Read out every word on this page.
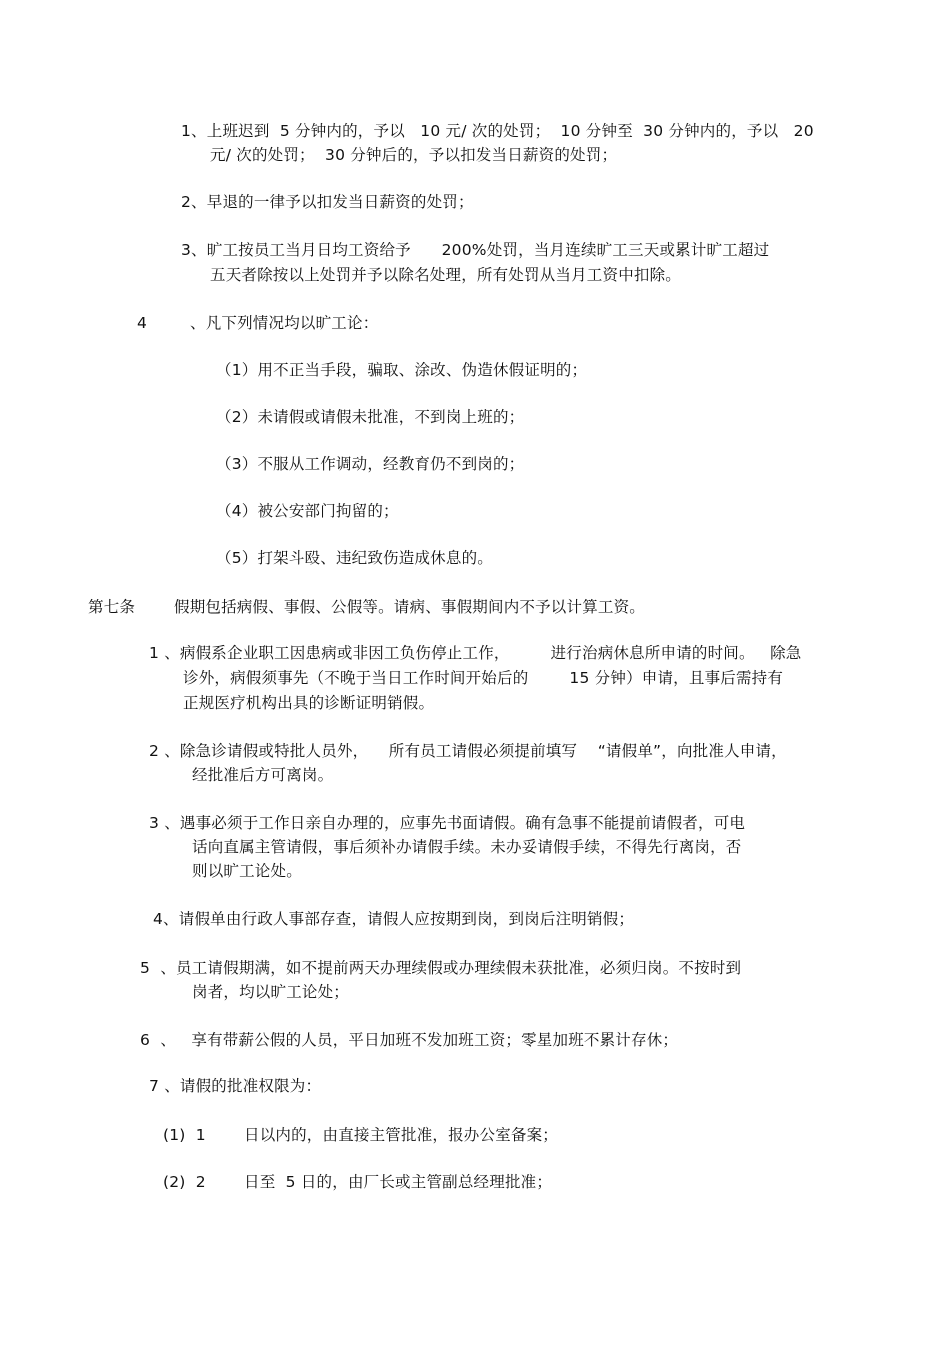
1、上班迟到  5 分钟内的，予以   10 元/ 次的处罚；  10 分钟至  30 分钟内的，予以   20
元/ 次的处罚；  30 分钟后的，予以扣发当日薪资的处罚；
2、早退的一律予以扣发当日薪资的处罚；
3、旷工按员工当月日均工资给予      200%处罚，当月连续旷工三天或累计旷工超过
五天者除按以上处罚并予以除名处理，所有处罚从当月工资中扣除。
4	、凡下列情况均以旷工论：
（1）用不正当手段，骗取、涂改、伪造休假证明的；
（2）未请假或请假未批准，不到岗上班的；
（3）不服从工作调动，经教育仍不到岗的；
（4）被公安部门拘留的；
（5）打架斗殴、违纪致伤造成休息的。
第七条	假期包括病假、事假、公假等。请病、事假期间内不予以计算工资。
1 、病假系企业职工因患病或非因工负伤停止工作，        进行治病休息所申请的时间。   除急
诊外，病假须事先（不晚于当日工作时间开始后的        15 分钟）申请，且事后需持有
正规医疗机构出具的诊断证明销假。
2 、除急诊请假或特批人员外，    所有员工请假必须提前填写    “请假单”，向批准人申请，
经批准后方可离岗。
3 、遇事必须于工作日亲自办理的，应事先书面请假。确有急事不能提前请假者，可电
话向直属主管请假，事后须补办请假手续。未办妥请假手续，不得先行离岗，否
则以旷工论处。
4、请假单由行政人事部存查，请假人应按期到岗，到岗后注明销假；
5  、员工请假期满，如不提前两天办理续假或办理续假未获批准，必须归岗。不按时到
岗者，均以旷工论处；
6  、   享有带薪公假的人员，平日加班不发加班工资；零星加班不累计存休；
7 、请假的批准权限为：
(1)  1 日以内的，由直接主管批准，报办公室备案；
(2)  2 日至  5 日的，由厂长或主管副总经理批准；
